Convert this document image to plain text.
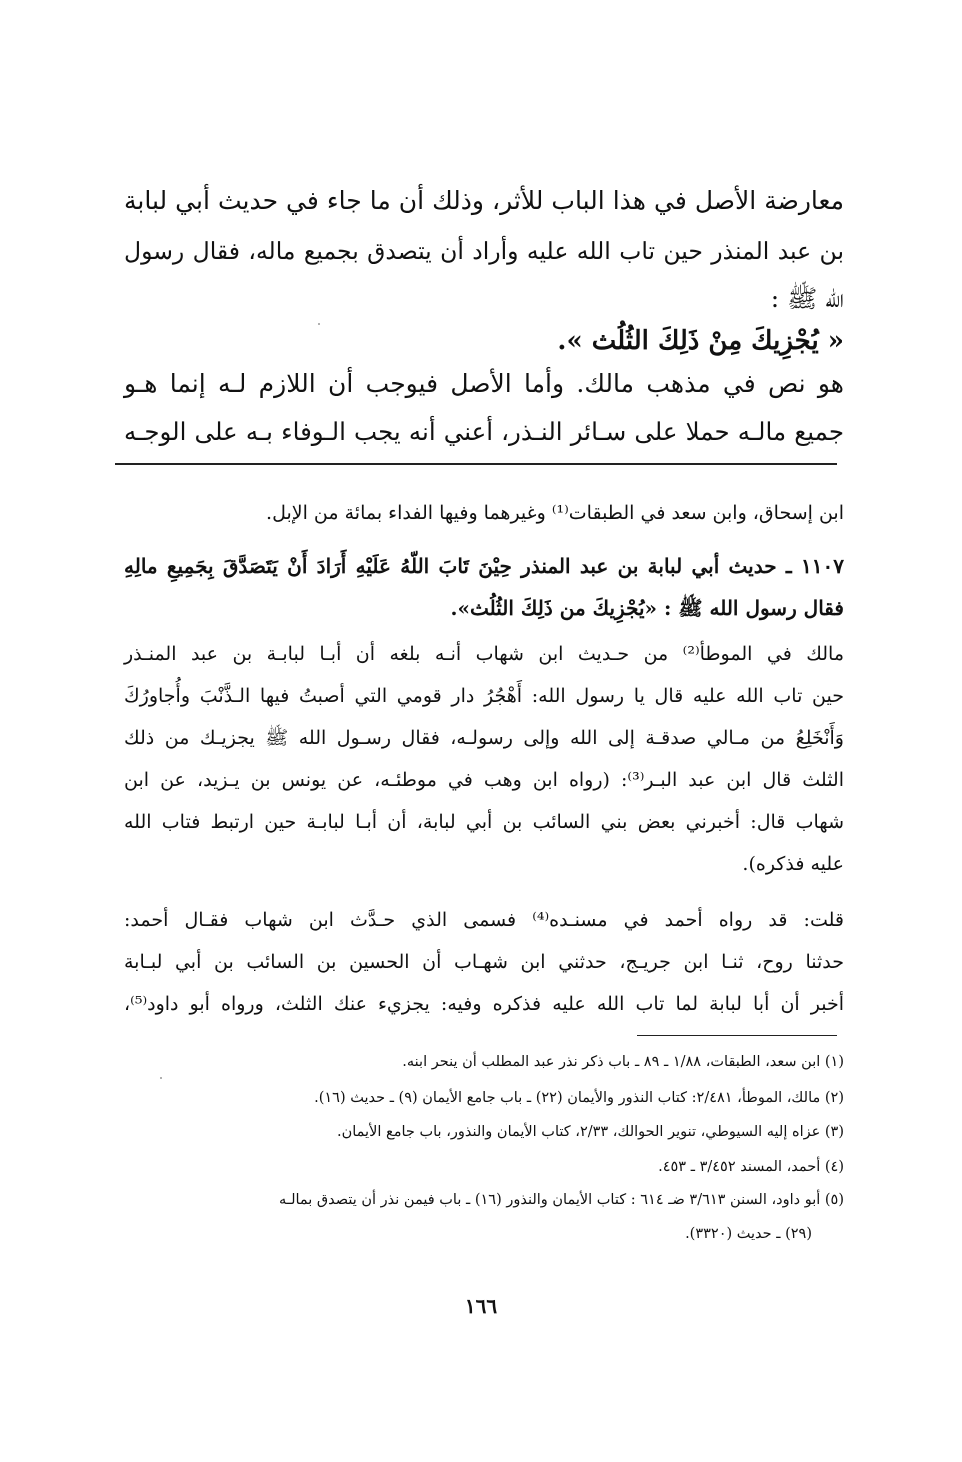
معارضة الأصل في هذا الباب للأثر، وذلك أن ما جاء في حديث أبي لبابة
بن عبد المنذر حين تاب الله عليه وأراد أن يتصدق بجميع ماله، فقال رسول
الله ﷺ :
« يُجْزِيكَ مِنْ ذَلِكَ الثُلُث ».
هو نص في مذهب مالك. وأما الأصل فيوجب أن اللازم لـه إنما هـو
جميع مالـه حملا على سـائر النـذر، أعني أنه يجب الـوفاء بـه على الوجـه
ابن إسحاق، وابن سعد في الطبقات⁽¹⁾ وغيرهما وفيها الفداء بمائة من الإبل.
١١٠٧ ـ حديث أبي لبابة بن عبد المنذر حِيْنَ تَابَ اللّهُ عَلَيْهِ أَرَادَ أَنْ يَتَصَدَّقَ بِجَمِيعِ مالِهِ
فقال رسول الله ﷺ : «يُجْزِيكَ من ذَلِكَ الثُلُث».
مالك في الموطأ⁽²⁾ من حـديث ابن شهاب أنـه بلغه أن أبـا لبابـة بن عبد المنـذر
حين تاب الله عليه قال يا رسول الله: أَهْجُرُ دار قومي التي أصبتُ فيها الـذَّنْبَ وأُجاورُكَ
وَأَنْخَلِعُ من مـالي صدقـة إلى الله وإلى رسولـه، فقال رسـول الله ﷺ يجزيـك من ذلك
الثلث قال ابن عبد البـر⁽³⁾: (رواه ابن وهب في موطئـه، عن يونس بن يـزيد، عن ابن
شهاب قال: أخبرني بعض بني السائب بن أبي لبابة، أن أبـا لبابـة حين ارتبط فتاب الله
عليه فذكره).
قلت: قد رواه أحمد في مسنـده⁽⁴⁾ فسمى الذي حـدَّث ابن شهاب فقـال أحمد:
حدثنا روح، ثنـا ابن جريـج، حدثني ابن شهـاب أن الحسين بن السائب بن أبي لبـابة
أخبر أن أبا لبابة لما تاب الله عليه فذكره وفيه: يجزيء عنك الثلث، ورواه أبو داود⁽⁵⁾،
(١) ابن سعد، الطبقات، ١/٨٨ ـ ٨٩ ـ باب ذكر نذر عبد المطلب أن ينحر ابنه.
(٢) مالك، الموطأ، ٢/٤٨١: كتاب النذور والأيمان (٢٢) ـ باب جامع الأيمان (٩) ـ حديث (١٦).
(٣) عزاه إليه السيوطي، تنوير الحوالك، ٢/٣٣، كتاب الأيمان والنذور، باب جامع الأيمان.
(٤) أحمد، المسند ٣/٤٥٢ ـ ٤٥٣.
(٥) أبو داود، السنن ٣/٦١٣ ضـ ٦١٤ : كتاب الأيمان والنذور (١٦) ـ باب فيمن نذر أن يتصدق بمالـه
(٢٩) ـ حديث (٣٣٢٠).
١٦٦
